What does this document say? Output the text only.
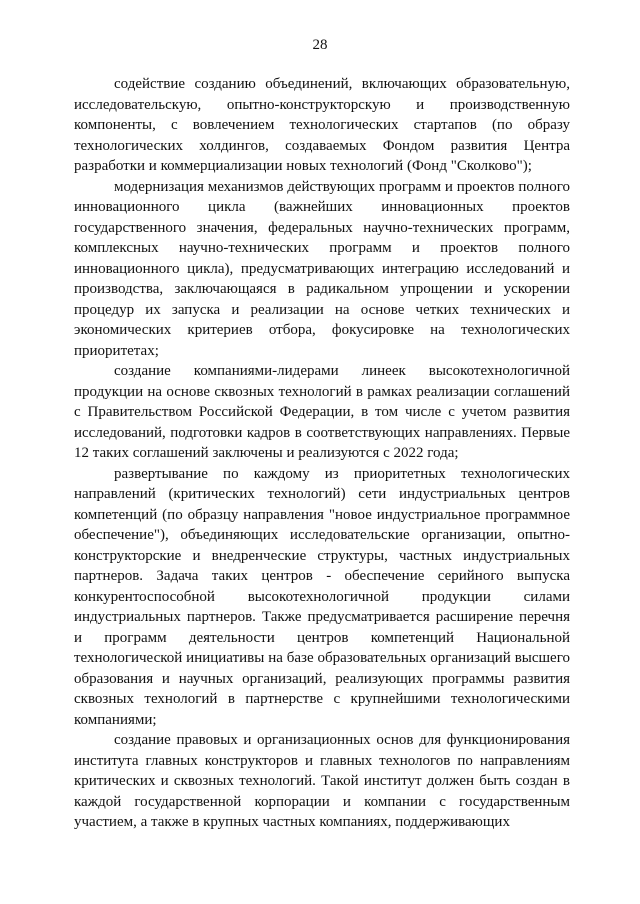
28

содействие созданию объединений, включающих образовательную, исследовательскую, опытно-конструкторскую и производственную компоненты, с вовлечением технологических стартапов (по образу технологических холдингов, создаваемых Фондом развития Центра разработки и коммерциализации новых технологий (Фонд "Сколково");

модернизация механизмов действующих программ и проектов полного инновационного цикла (важнейших инновационных проектов государственного значения, федеральных научно-технических программ, комплексных научно-технических программ и проектов полного инновационного цикла), предусматривающих интеграцию исследований и производства, заключающаяся в радикальном упрощении и ускорении процедур их запуска и реализации на основе четких технических и экономических критериев отбора, фокусировке на технологических приоритетах;

создание компаниями-лидерами линеек высокотехнологичной продукции на основе сквозных технологий в рамках реализации соглашений с Правительством Российской Федерации, в том числе с учетом развития исследований, подготовки кадров в соответствующих направлениях. Первые 12 таких соглашений заключены и реализуются с 2022 года;

развертывание по каждому из приоритетных технологических направлений (критических технологий) сети индустриальных центров компетенций (по образцу направления "новое индустриальное программное обеспечение"), объединяющих исследовательские организации, опытно-конструкторские и внедренческие структуры, частных индустриальных партнеров. Задача таких центров - обеспечение серийного выпуска конкурентоспособной высокотехнологичной продукции силами индустриальных партнеров. Также предусматривается расширение перечня и программ деятельности центров компетенций Национальной технологической инициативы на базе образовательных организаций высшего образования и научных организаций, реализующих программы развития сквозных технологий в партнерстве с крупнейшими технологическими компаниями;

создание правовых и организационных основ для функционирования института главных конструкторов и главных технологов по направлениям критических и сквозных технологий. Такой институт должен быть создан в каждой государственной корпорации и компании с государственным участием, а также в крупных частных компаниях, поддерживающих
